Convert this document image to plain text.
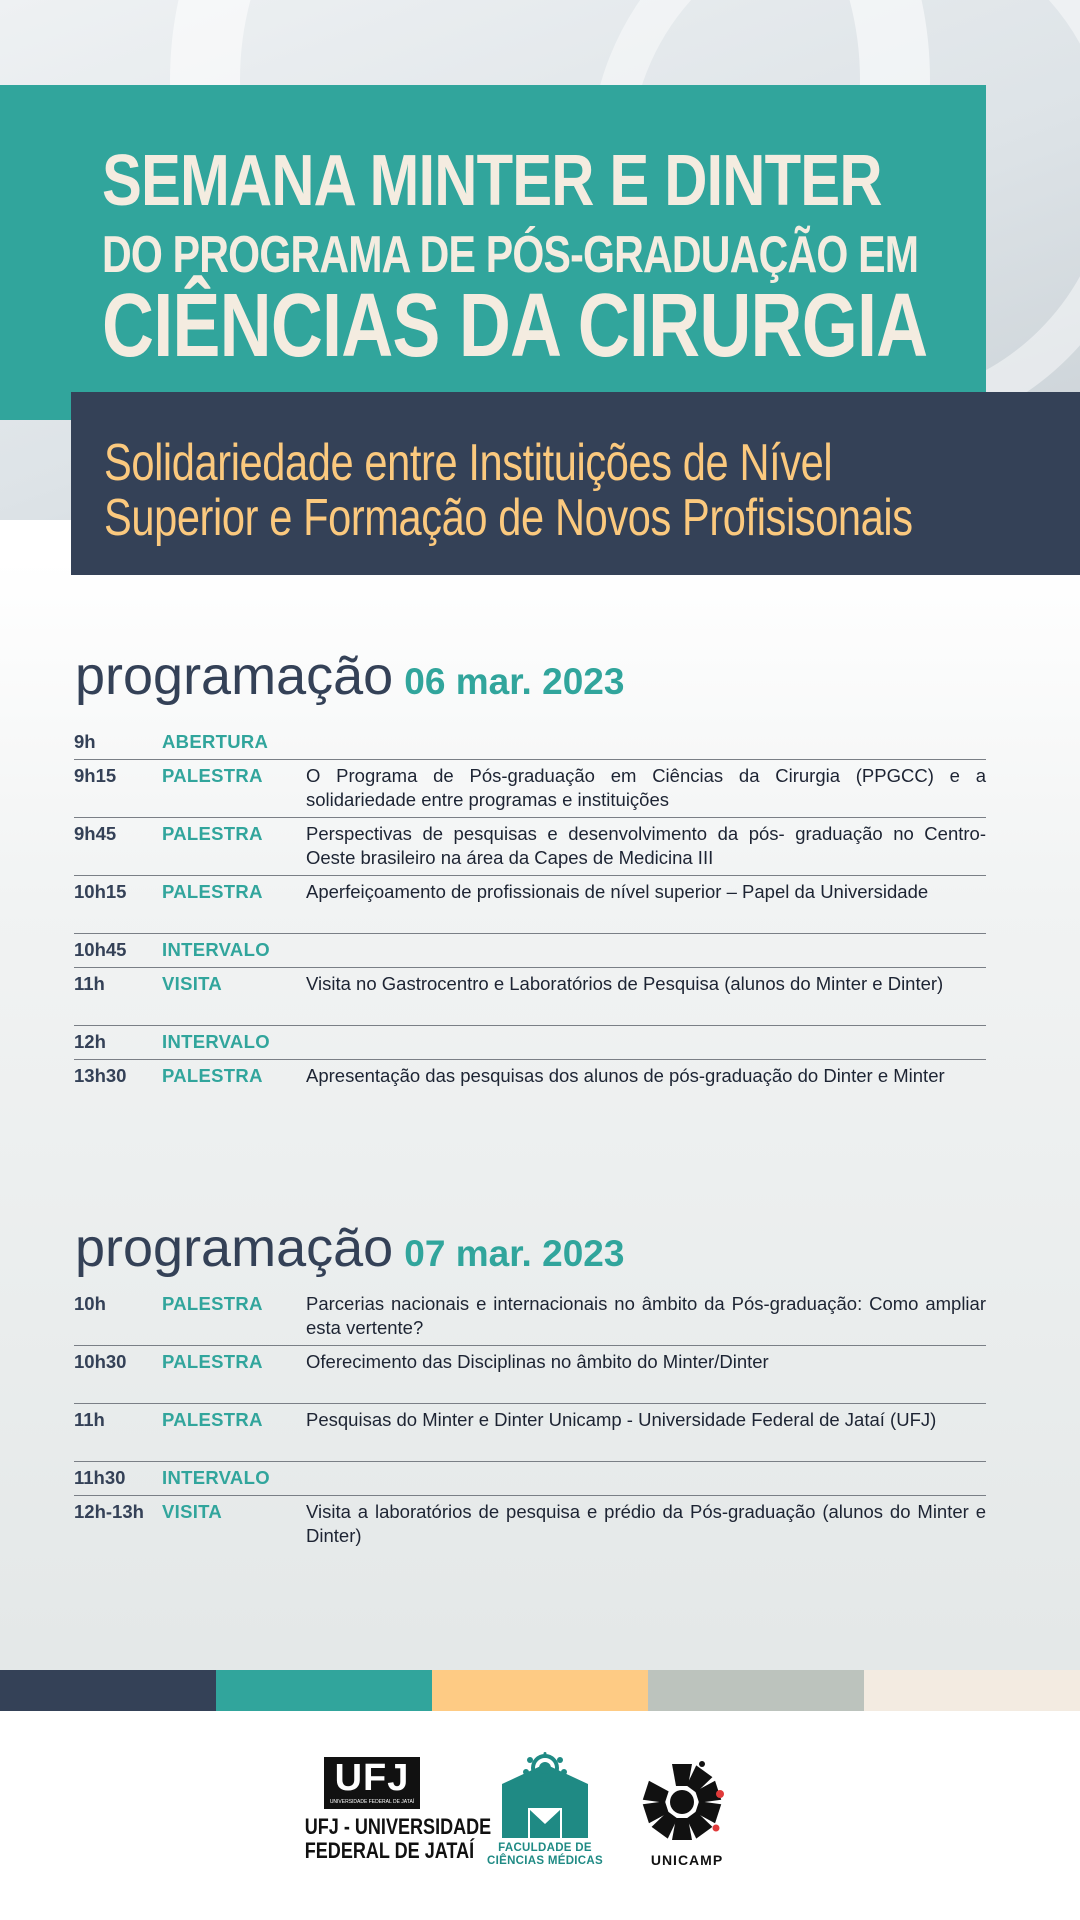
SEMANA MINTER E DINTER
DO PROGRAMA DE PÓS-GRADUAÇÃO EM
CIÊNCIAS DA CIRURGIA
Solidariedade entre Instituições de Nível
Superior e Formação de Novos Profisisonais
programação 06 mar. 2023
9h	ABERTURA
9h15	PALESTRA	O Programa de Pós-graduação em Ciências da Cirurgia (PPGCC) e a solidariedade entre programas e instituições
9h45	PALESTRA	Perspectivas de pesquisas e desenvolvimento da pós- graduação no Centro-Oeste brasileiro na área da Capes de Medicina III
10h15	PALESTRA	Aperfeiçoamento de profissionais de nível superior – Papel da Universidade
10h45	INTERVALO
11h	VISITA	Visita no Gastrocentro e Laboratórios de Pesquisa (alunos do Minter e Dinter)
12h	INTERVALO
13h30	PALESTRA	Apresentação das pesquisas dos alunos de pós-graduação do Dinter e Minter
programação 07 mar. 2023
10h	PALESTRA	Parcerias nacionais e internacionais no âmbito da Pós-graduação: Como ampliar esta vertente?
10h30	PALESTRA	Oferecimento das Disciplinas no âmbito do Minter/Dinter
11h	PALESTRA	Pesquisas do Minter e Dinter Unicamp - Universidade Federal de Jataí (UFJ)
11h30	INTERVALO
12h-13h VISITA	Visita a laboratórios de pesquisa e prédio da Pós-graduação (alunos do Minter e Dinter)
UFJ
UNIVERSIDADE FEDERAL DE JATAÍ
UFJ - UNIVERSIDADE
FEDERAL DE JATAÍ	FACULDADE DE
CIÊNCIAS MÉDICAS	UNICAMP
